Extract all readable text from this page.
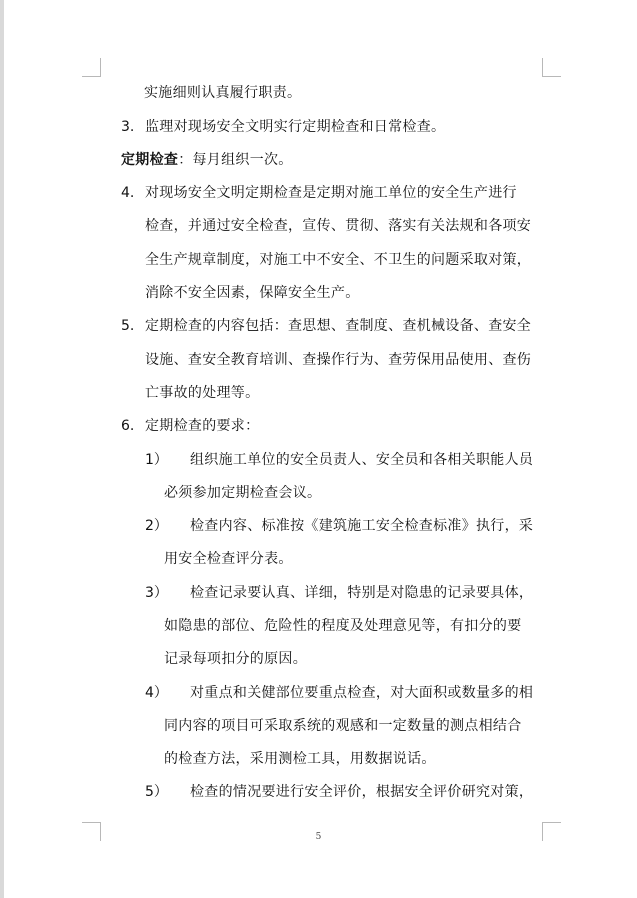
实施细则认真履行职责。
3. 监理对现场安全文明实行定期检查和日常检查。
定期检查：每月组织一次。
4. 对现场安全文明定期检查是定期对施工单位的安全生产进行
检查，并通过安全检查，宣传、贯彻、落实有关法规和各项安
全生产规章制度，对施工中不安全、不卫生的问题采取对策，
消除不安全因素，保障安全生产。
5. 定期检查的内容包括：查思想、查制度、查机械设备、查安全
设施、查安全教育培训、查操作行为、查劳保用品使用、查伤
亡事故的处理等。
6. 定期检查的要求：
1） 组织施工单位的安全员责人、安全员和各相关职能人员
必须参加定期检查会议。
2） 检查内容、标准按《建筑施工安全检查标准》执行，采
用安全检查评分表。
3） 检查记录要认真、详细，特别是对隐患的记录要具体，
如隐患的部位、危险性的程度及处理意见等，有扣分的要
记录每项扣分的原因。
4） 对重点和关健部位要重点检查，对大面积或数量多的相
同内容的项目可采取系统的观感和一定数量的测点相结合
的检查方法，采用测检工具，用数据说话。
5） 检查的情况要进行安全评价，根据安全评价研究对策，
5
